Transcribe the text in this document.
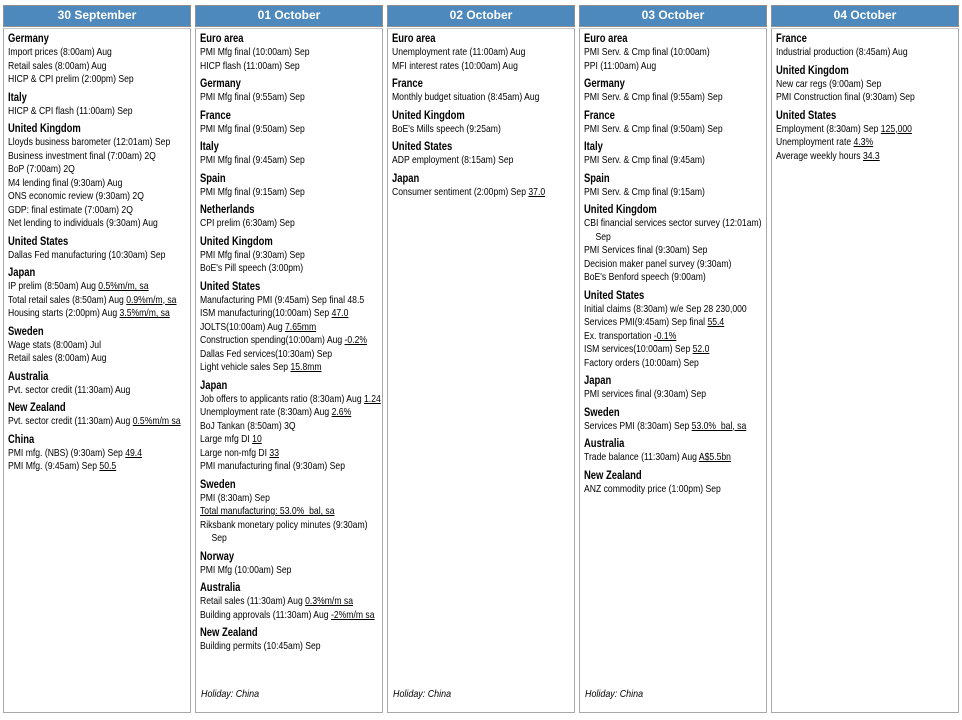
30 September
Germany
Import prices (8:00am) Aug
Retail sales (8:00am) Aug
HICP & CPI prelim (2:00pm) Sep
Italy
HICP & CPI flash (11:00am) Sep
United Kingdom
Lloyds business barometer (12:01am) Sep
Business investment final (7:00am) 2Q
BoP (7:00am) 2Q
M4 lending final (9:30am) Aug
ONS economic review (9:30am) 2Q
GDP: final estimate (7:00am) 2Q
Net lending to individuals (9:30am) Aug
United States
Dallas Fed manufacturing (10:30am) Sep
Japan
IP prelim (8:50am) Aug 0.5%m/m, sa
Total retail sales (8:50am) Aug 0.9%m/m, sa
Housing starts (2:00pm) Aug 3.5%m/m, sa
Sweden
Wage stats (8:00am) Jul
Retail sales (8:00am) Aug
Australia
Pvt. sector credit (11:30am) Aug
New Zealand
Pvt. sector credit (11:30am) Aug 0.5%m/m sa
China
PMI mfg. (NBS) (9:30am) Sep 49.4
PMI Mfg. (9:45am) Sep 50.5
01 October
Euro area
PMI Mfg final (10:00am) Sep
HICP flash (11:00am) Sep
Germany
PMI Mfg final (9:55am) Sep
France
PMI Mfg final (9:50am) Sep
Italy
PMI Mfg final (9:45am) Sep
Spain
PMI Mfg final (9:15am) Sep
Netherlands
CPI prelim (6:30am) Sep
United Kingdom
PMI Mfg final (9:30am) Sep
BoE's Pill speech (3:00pm)
United States
Manufacturing PMI (9:45am) Sep final 48.5
ISM manufacturing(10:00am) Sep 47.0
JOLTS(10:00am) Aug 7.65mm
Construction spending(10:00am) Aug -0.2%
Dallas Fed services(10:30am) Sep
Light vehicle sales Sep 15.8mm
Japan
Job offers to applicants ratio (8:30am) Aug 1.24
Unemployment rate (8:30am) Aug 2.6%
BoJ Tankan (8:50am) 3Q
Large mfg DI 10
Large non-mfg DI 33
PMI manufacturing final (9:30am) Sep
Sweden
PMI (8:30am) Sep
Total manufacturing: 53.0%  bal, sa
Riksbank monetary policy minutes (9:30am)
Sep
Norway
PMI Mfg (10:00am) Sep
Australia
Retail sales (11:30am) Aug 0.3%m/m sa
Building approvals (11:30am) Aug -2%m/m sa
New Zealand
Building permits (10:45am) Sep
Holiday: China
02 October
Euro area
Unemployment rate (11:00am) Aug
MFI interest rates (10:00am) Aug
France
Monthly budget situation (8:45am) Aug
United Kingdom
BoE's Mills speech (9:25am)
United States
ADP employment (8:15am) Sep
Japan
Consumer sentiment (2:00pm) Sep 37.0
Holiday: China
03 October
Euro area
PMI Serv. & Cmp final (10:00am)
PPI (11:00am) Aug
Germany
PMI Serv. & Cmp final (9:55am) Sep
France
PMI Serv. & Cmp final (9:50am) Sep
Italy
PMI Serv. & Cmp final (9:45am)
Spain
PMI Serv. & Cmp final (9:15am)
United Kingdom
CBI financial services sector survey (12:01am)
Sep
PMI Services final (9:30am) Sep
Decision maker panel survey (9:30am)
BoE's Benford speech (9:00am)
United States
Initial claims (8:30am) w/e Sep 28 230,000
Services PMI(9:45am) Sep final 55.4
Ex. transportation -0.1%
ISM services(10:00am) Sep 52.0
Factory orders (10:00am) Sep
Japan
PMI services final (9:30am) Sep
Sweden
Services PMI (8:30am) Sep 53.0%  bal, sa
Australia
Trade balance (11:30am) Aug A$5.5bn
New Zealand
ANZ commodity price (1:00pm) Sep
Holiday: China
04 October
France
Industrial production (8:45am) Aug
United Kingdom
New car regs (9:00am) Sep
PMI Construction final (9:30am) Sep
United States
Employment (8:30am) Sep 125,000
Unemployment rate 4.3%
Average weekly hours 34.3
